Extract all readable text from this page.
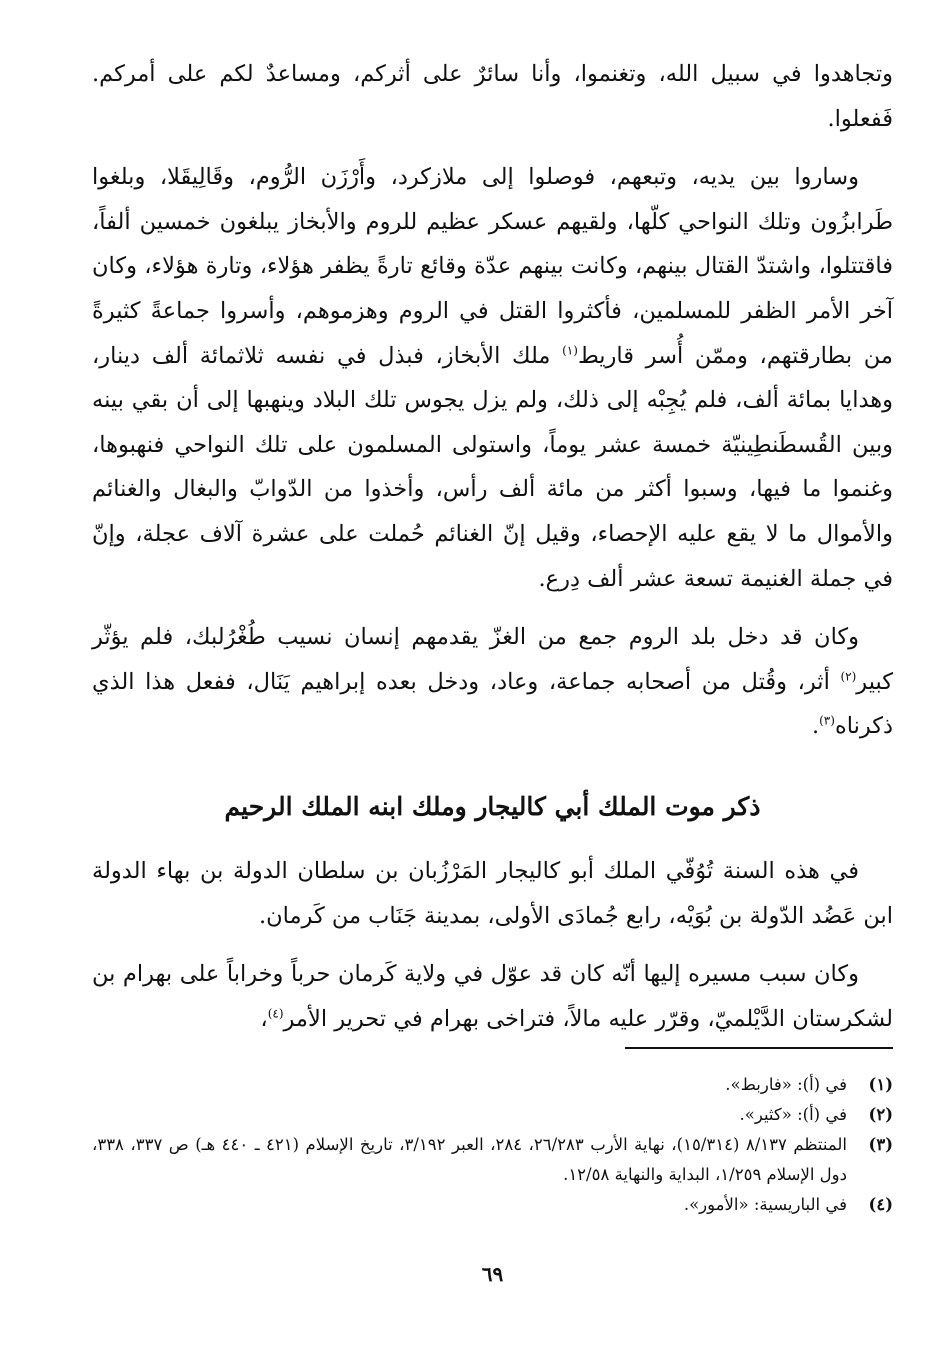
وتجاهدوا في سبيل الله، وتغنموا، وأنا سائرٌ على أثركم، ومساعدٌ لكم على أمركم. فَفعلوا.

وساروا بين يديه، وتبعهم، فوصلوا إلى ملازكرد، وأَرْزَن الرُّوم، وقَالِيقَلا، وبلغوا طَرابزُون وتلك النواحي كلّها، ولقيهم عسكر عظيم للروم والأبخاز يبلغون خمسين ألفاً، فاقتتلوا، واشتدّ القتال بينهم، وكانت بينهم عدّة وقائع تارةً يظفر هؤلاء، وتارة هؤلاء، وكان آخر الأمر الظفر للمسلمين، فأكثروا القتل في الروم وهزموهم، وأسروا جماعةً كثيرةً من بطارقتهم، وممّن أُسر قاريط$^{(١)}$ ملك الأبخاز، فبذل في نفسه ثلاثمائة ألف دينار، وهدايا بمائة ألف، فلم يُجِبْه إلى ذلك، ولم يزل يجوس تلك البلاد وينهبها إلى أن بقي بينه وبين القُسطَنطِينيّة خمسة عشر يوماً، واستولى المسلمون على تلك النواحي فنهبوها، وغنموا ما فيها، وسبوا أكثر من مائة ألف رأس، وأخذوا من الدّوابّ والبغال والغنائم والأموال ما لا يقع عليه الإحصاء، وقيل إنّ الغنائم حُملت على عشرة آلاف عجلة، وإنّ في جملة الغنيمة تسعة عشر ألف دِرع.

وكان قد دخل بلد الروم جمع من الغزّ يقدمهم إنسان نسيب طُغْرُلبك، فلم يؤثّر كبير$^{(٢)}$ أثر، وقُتل من أصحابه جماعة، وعاد، ودخل بعده إبراهيم يَنَال، ففعل هذا الذي ذكرناه$^{(٣)}$.

ذكر موت الملك أبي كاليجار وملك ابنه الملك الرحيم

في هذه السنة تُوُفّي الملك أبو كاليجار المَرْزُبان بن سلطان الدولة بن بهاء الدولة ابن عَضُد الدّولة بن بُوَيْه، رابع جُمادَى الأولى، بمدينة جَنَاب من كَرمان.

وكان سبب مسيره إليها أنّه كان قد عوّل في ولاية كَرمان حرباً وخراباً على بهرام بن لشكرستان الدَّيْلميّ، وقرّر عليه مالاً، فتراخى بهرام في تحرير الأمر$^{(٤)}$،

(١)
في (أ): «فاربط».
(٢)
في (أ): «كثير».
(٣)
المنتظم ٨/١٣٧ (١٥/٣١٤)، نهاية الأرب ٢٦/٢٨٣، ٢٨٤، العبر ٣/١٩٢، تاريخ الإسلام (٤٢١ ـ ٤٤٠ هـ) ص ٣٣٧، ٣٣٨، دول الإسلام ١/٢٥٩، البداية والنهاية ١٢/٥٨.
(٤)
في الباريسية: «الأمور».
٦٩
